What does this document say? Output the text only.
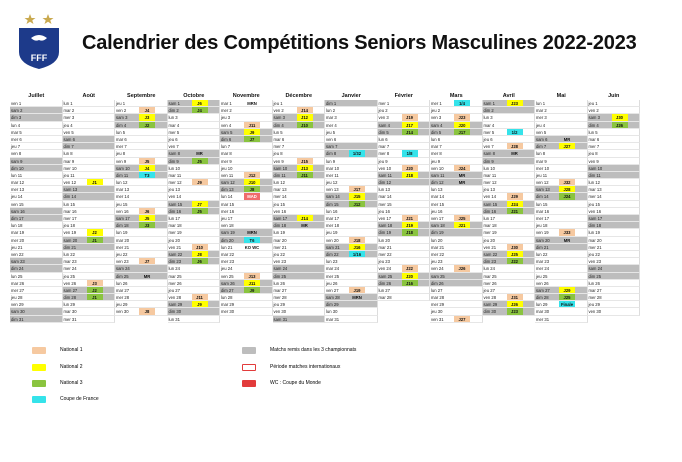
FFF
Calendrier des Compétitions Seniors Masculines 2022-2023
Juillet
ven 1
sam 2
dim 3
lun 4
mar 5
mer 6
jeu 7
ven 8
sam 9
dim 10
lun 11
mar 12
mer 13
jeu 14
ven 15
sam 16
dim 17
lun 18
mar 19
mer 20
jeu 21
ven 22
sam 23
dim 24
lun 25
mar 26
mer 27
jeu 28
ven 29
sam 30
dim 31
Août
lun 1
mar 2
mer 3
jeu 4
ven 5
sam 6
dim 7
lun 8
mar 9
mer 10
jeu 11
ven 12	J1
sam 13
dim 14
lun 15
mar 16
mer 17
jeu 18
ven 19	J2
sam 20	J1
dim 21
lun 22
mar 23
mer 24
jeu 25
ven 26	J3
sam 27	J2
dim 28	J1
lun 29
mar 30
mer 31
Septembre
jeu 1
ven 2	J4
sam 3	J3
dim 4	J2
lun 5
mar 6
mer 7
jeu 8
ven 9	J5
sam 10	J4
dim 11	T3
lun 12
mar 13
mer 14
jeu 15
ven 16	J6
sam 17	J5
dim 18	J3
lun 19
mar 20
mer 21
jeu 22
ven 23	J7
sam 24
dim 25	MR
lun 26
mar 27
mer 28
jeu 29
ven 30	J8
Octobre
sam 1	J6
dim 2	J4
lun 3
mar 4
mer 5
jeu 6
ven 7
sam 8	MR
dim 9	J5
lun 10
mar 11
mer 12	J9
jeu 13
ven 14
sam 15	J7
dim 16	J5
lun 17
mar 18
mer 19
jeu 20
ven 21	J10
sam 22	J8
dim 23	J6
lun 24
mar 25
mer 26
jeu 27
ven 28	J11
sam 29	J9
dim 30
lun 31
Novembre
mar 1	MRN
mer 2
jeu 3
ven 4	J11
sam 5	J9
dim 6	J7
lun 7
mar 8
mer 9
jeu 10
ven 11	J12
sam 12	J10
dim 13	J8
lun 14	MAD
mar 15
mer 16
jeu 17
ven 18
sam 19	MRN
dim 20	T6
lun 21	KO WC
mar 22
mer 23
jeu 24
ven 25	J13
sam 26	J11
dim 27	J9
lun 28
mar 29
mer 30
Décembre
jeu 1
ven 2	J14
sam 3	J12
dim 4	J10
lun 5
mar 6
mer 7
jeu 8
ven 9	J15
sam 10	J13
dim 11	J11
lun 12
mar 13
mer 14
jeu 15
ven 16
sam 17	J14
dim 18	MR
lun 19
mar 20
mer 21
jeu 22
ven 23
sam 24
dim 25
lun 26
mar 27
mer 28
jeu 29
ven 30
sam 31
Janvier
dim 1
lun 2
mar 3
mer 4
jeu 5
ven 6
sam 7
dim 8	1/32
lun 9
mar 10
mer 11
jeu 12
ven 13	J17
sam 14	J15
dim 15	J12
lun 16
mar 17
mer 18
jeu 19
ven 20	J18
sam 21	J16
dim 22	1/16
lun 23
mar 24
mer 25
jeu 26
ven 27	J19
sam 28	MRN
dim 29
lun 30
mar 31
Février
mer 1
jeu 2
ven 3	J19
sam 4	J17
dim 5	J14
lun 6
mar 7
mer 8	1/8
jeu 9
ven 10	J20
sam 11	J18
dim 12
lun 13
mar 14
mer 15
jeu 16
ven 17	J21
sam 18	J19
dim 19	J18
lun 20
mar 21
mer 22
jeu 23
ven 24	J22
sam 25	J20
dim 26	J16
lun 27
mar 28
Mars
mer 1	1/4
jeu 2
ven 3	J23
sam 4	J20
dim 5	J17
lun 6
mar 7
mer 8
jeu 9
ven 10	J24
sam 11	MR
dim 12	MR
lun 13
mar 14
mer 15
jeu 16
ven 17	J25
sam 18	J21
dim 19
lun 20
mar 21
mer 22
jeu 23
ven 24	J26
sam 25
dim 26
lun 27
mar 28
mer 29
jeu 30
ven 31	J27
Avril
sam 1	J23
dim 2
lun 3
mar 4
mer 5	1/2
jeu 6
ven 7	J28
sam 8	MR
dim 9
lun 10
mar 11
mer 12
jeu 13
ven 14	J29
sam 15	J24
dim 16	J21
lun 17
mar 18
mer 19
jeu 20
ven 21	J30
sam 22	J25
dim 23	J22
lun 24
mar 25
mer 26
jeu 27
ven 28	J31
sam 29	J26
dim 30	J23
Mai
lun 1
mar 2
mer 3
jeu 4
ven 5
sam 6	MR
dim 7	J27
lun 8
mar 9
mer 10
jeu 11
ven 12	J32
sam 13	J28
dim 14	J24
lun 15
mar 16
mer 17
jeu 18
ven 19	J33
sam 20	MR
dim 21
lun 22
mar 23
mer 24
jeu 25
ven 26
sam 27	J29
dim 28	J25
lun 29	Finale
mar 30
mer 31
Juin
jeu 1
ven 2
sam 3	J30
dim 4	J26
lun 5
mar 6
mer 7
jeu 8
ven 9
sam 10
dim 11
lun 12
mar 13
mer 14
jeu 15
ven 16
sam 17
dim 18
lun 19
mar 20
mer 21
jeu 22
ven 23
sam 24
dim 25
lun 26
mar 27
mer 28
jeu 29
ven 30
National 1
National 2
National 3
Coupe de France
Matchs remis dans les 3 championnats
Période matches internationaux
WC : Coupe du Monde
